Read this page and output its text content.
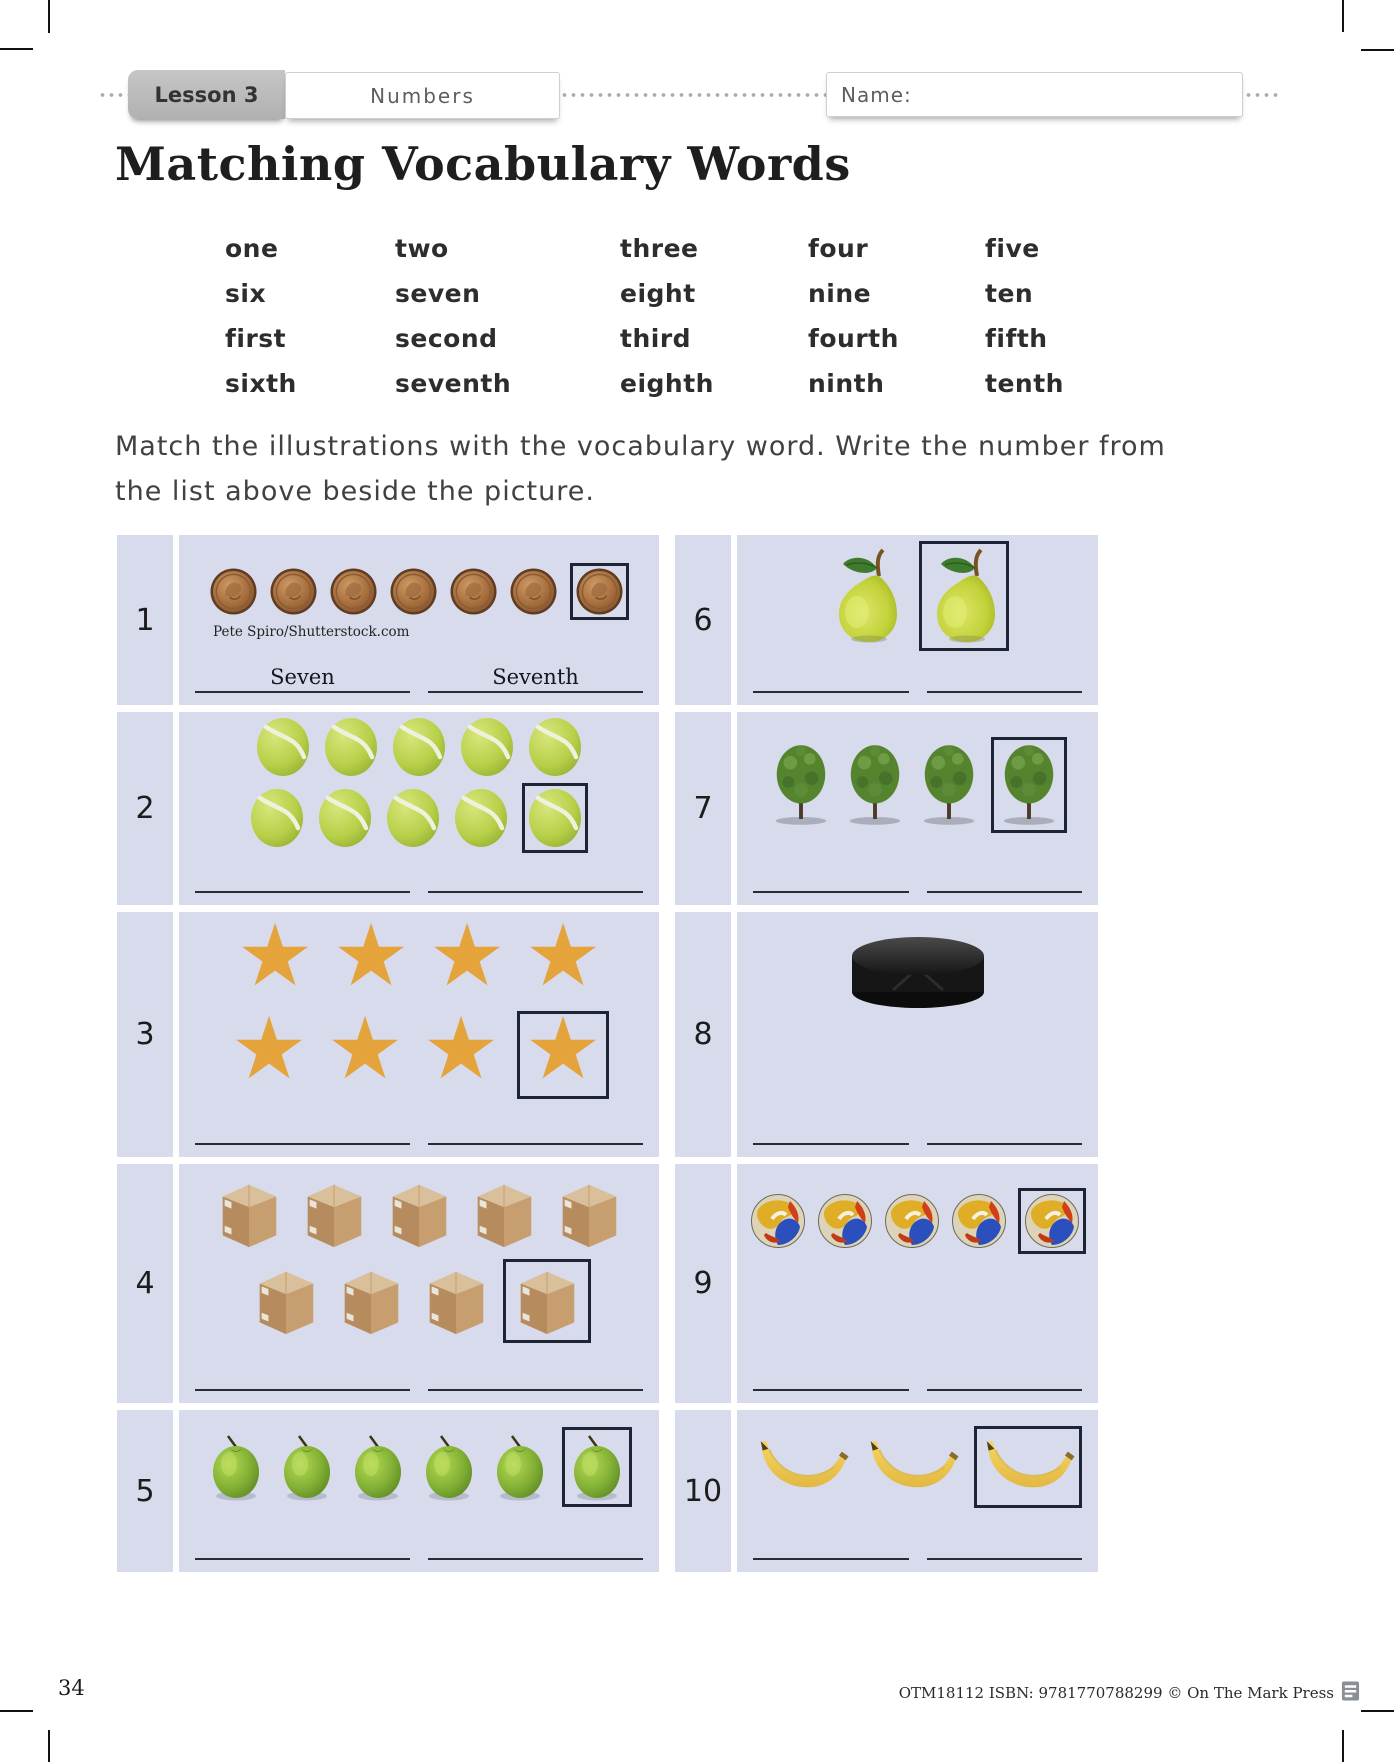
Lesson 3	Numbers	Name:
Matching Vocabulary Words
one	two	three	four	five
six	seven	eight	nine	ten
first	second	third	fourth	fifth
sixth	seventh	eighth	ninth	tenth
Match the illustrations with the vocabulary word. Write the number from
the list above beside the picture.
1	Pete Spiro/Shutterstock.com
Seven	Seventh
2
3
★ ★ ★ ★
★ ★ ★ ★
4
5
6
7
8
9
10
34	OTM18112 ISBN: 9781770788299 © On The Mark Press
